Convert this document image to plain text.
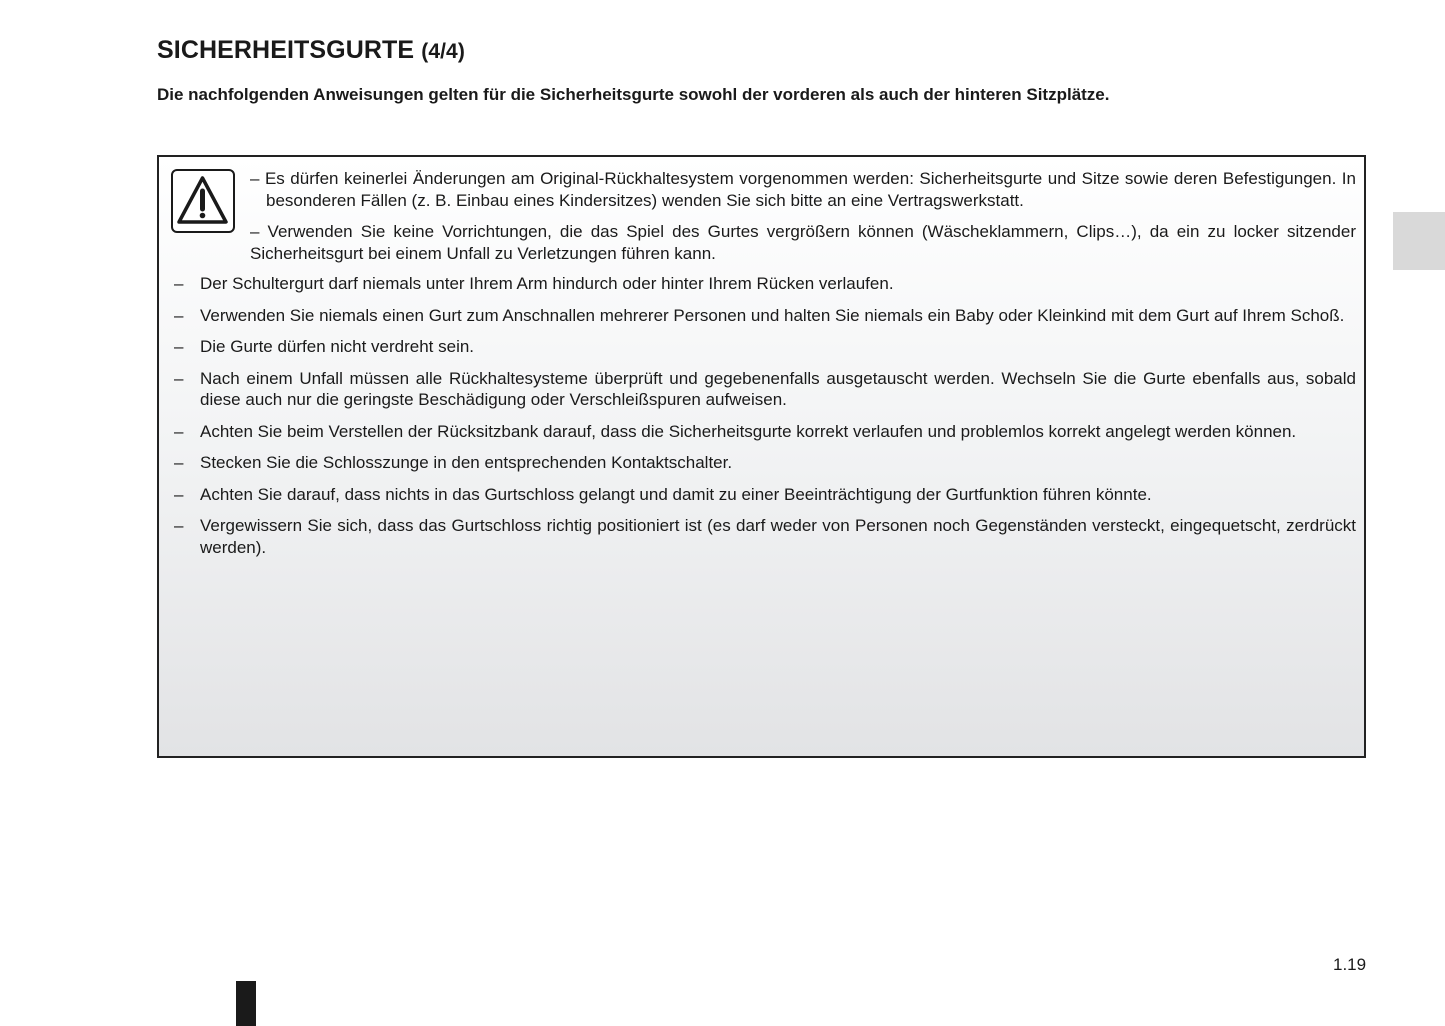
SICHERHEITSGURTE (4/4)

Die nachfolgenden Anweisungen gelten für die Sicherheitsgurte sowohl der vorderen als auch der hinteren Sitzplätze.

– Es dürfen keinerlei Änderungen am Original-Rückhaltesystem vorgenommen werden: Sicherheitsgurte und Sitze sowie deren Befestigungen. In besonderen Fällen (z. B. Einbau eines Kindersitzes) wenden Sie sich bitte an eine Vertragswerkstatt.
– Verwenden Sie keine Vorrichtungen, die das Spiel des Gurtes vergrößern können (Wäscheklammern, Clips…), da ein zu locker sitzender Sicherheitsgurt bei einem Unfall zu Verletzungen führen kann.
– Der Schultergurt darf niemals unter Ihrem Arm hindurch oder hinter Ihrem Rücken verlaufen.
– Verwenden Sie niemals einen Gurt zum Anschnallen mehrerer Personen und halten Sie niemals ein Baby oder Kleinkind mit dem Gurt auf Ihrem Schoß.
– Die Gurte dürfen nicht verdreht sein.
– Nach einem Unfall müssen alle Rückhaltesysteme überprüft und gegebenenfalls ausgetauscht werden. Wechseln Sie die Gurte ebenfalls aus, sobald diese auch nur die geringste Beschädigung oder Verschleißspuren aufweisen.
– Achten Sie beim Verstellen der Rücksitzbank darauf, dass die Sicherheitsgurte korrekt verlaufen und problemlos korrekt angelegt werden können.
– Stecken Sie die Schlosszunge in den entsprechenden Kontaktschalter.
– Achten Sie darauf, dass nichts in das Gurtschloss gelangt und damit zu einer Beeinträchtigung der Gurtfunktion führen könnte.
– Vergewissern Sie sich, dass das Gurtschloss richtig positioniert ist (es darf weder von Personen noch Gegenständen versteckt, eingequetscht, zerdrückt werden).
1.19
